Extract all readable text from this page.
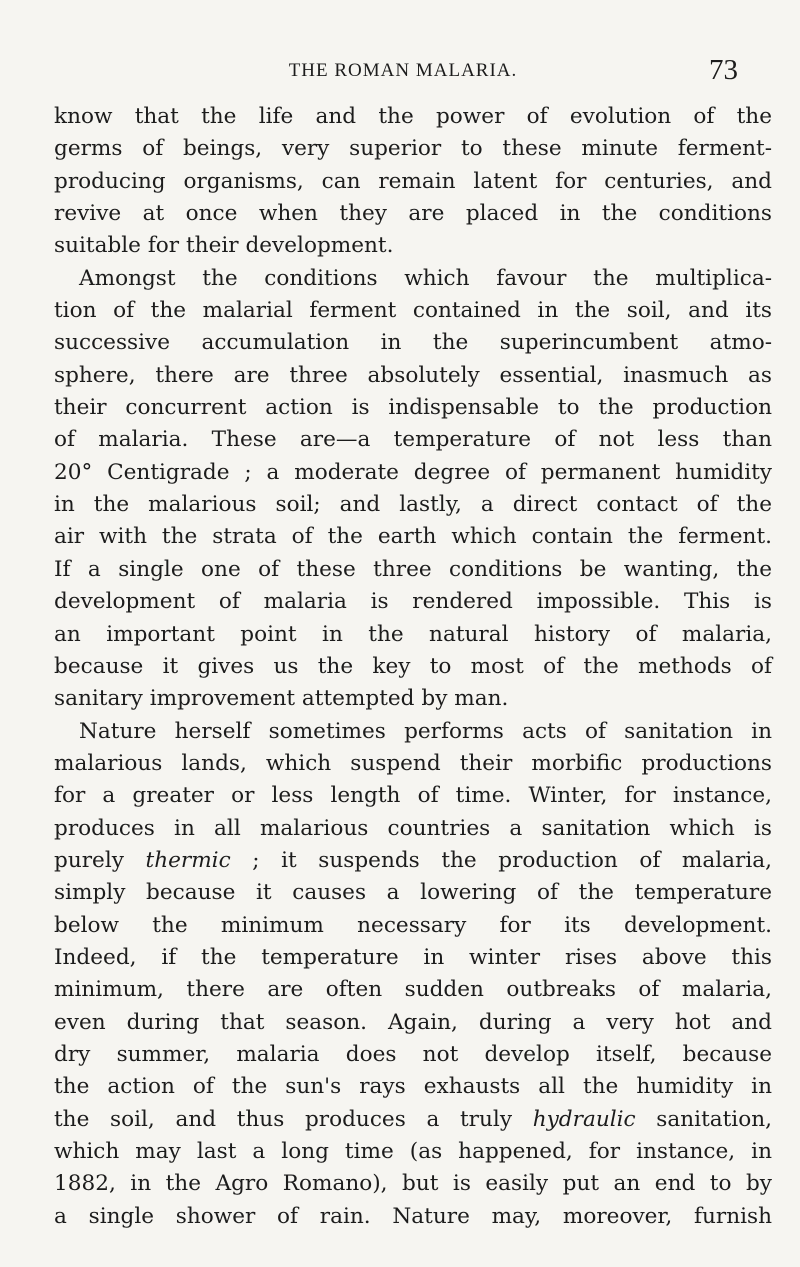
THE ROMAN MALARIA.	73
know that the life and the power of evolution of the
germs of beings, very superior to these minute ferment-
producing organisms, can remain latent for centuries, and
revive at once when they are placed in the conditions
suitable for their development.
Amongst the conditions which favour the multiplica-
tion of the malarial ferment contained in the soil, and its
successive accumulation in the superincumbent atmo-
sphere, there are three absolutely essential, inasmuch as
their concurrent action is indispensable to the production
of malaria. These are—a temperature of not less than
20° Centigrade ; a moderate degree of permanent humidity
in the malarious soil; and lastly, a direct contact of the
air with the strata of the earth which contain the ferment.
If a single one of these three conditions be wanting, the
development of malaria is rendered impossible. This is
an important point in the natural history of malaria,
because it gives us the key to most of the methods of
sanitary improvement attempted by man.
Nature herself sometimes performs acts of sanitation in
malarious lands, which suspend their morbific productions
for a greater or less length of time. Winter, for instance,
produces in all malarious countries a sanitation which is
purely thermic ; it suspends the production of malaria,
simply because it causes a lowering of the temperature
below the minimum necessary for its development.
Indeed, if the temperature in winter rises above this
minimum, there are often sudden outbreaks of malaria,
even during that season. Again, during a very hot and
dry summer, malaria does not develop itself, because
the action of the sun's rays exhausts all the humidity in
the soil, and thus produces a truly hydraulic sanitation,
which may last a long time (as happened, for instance, in
1882, in the Agro Romano), but is easily put an end to by
a single shower of rain. Nature may, moreover, furnish
